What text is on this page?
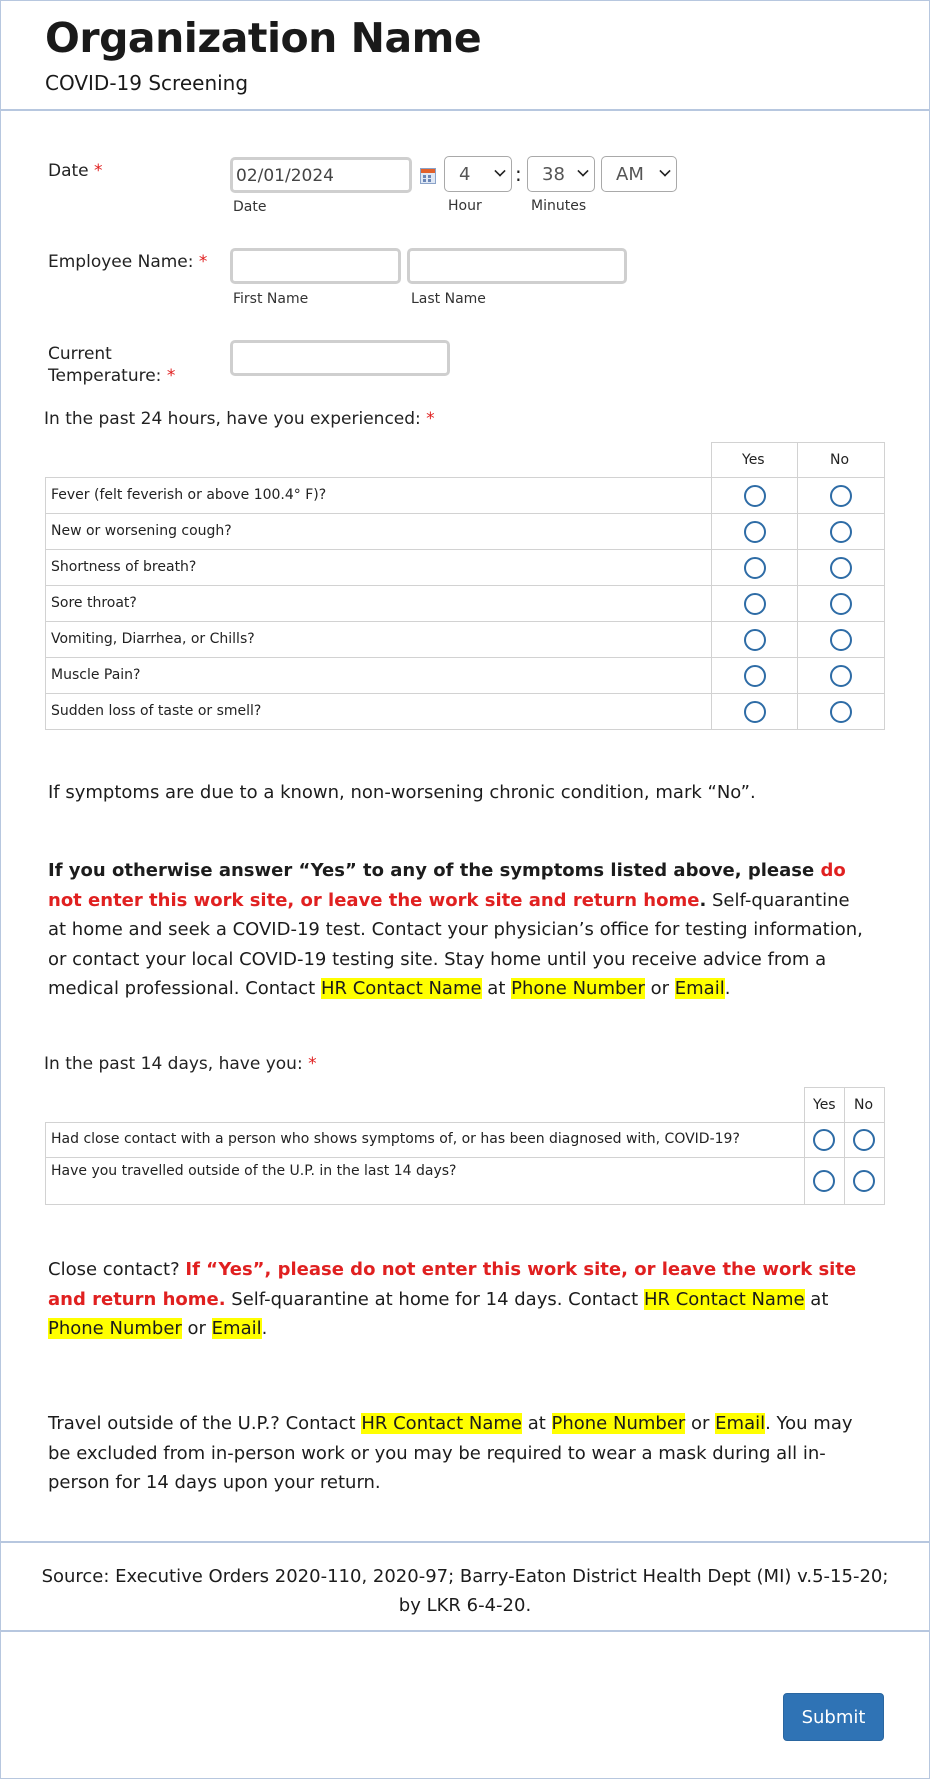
Organization Name
COVID-19 Screening
Date *	02/01/2024
Date
4 :
Hour
38
Minutes
AM
Employee Name: *
First Name	Last Name
Current
Temperature: *
In the past 24 hours, have you experienced: *
Yes	No
Fever (felt feverish or above 100.4° F)?
New or worsening cough?
Shortness of breath?
Sore throat?
Vomiting, Diarrhea, or Chills?
Muscle Pain?
Sudden loss of taste or smell?
If symptoms are due to a known, non-worsening chronic condition, mark “No”.
If you otherwise answer “Yes” to any of the symptoms listed above, please do not enter this work site, or leave the work site and return home. Self-quarantine at home and seek a COVID-19 test. Contact your physician’s office for testing information, or contact your local COVID-19 testing site. Stay home until you receive advice from a medical professional. Contact HR Contact Name at Phone Number or Email.
In the past 14 days, have you: *
Yes No
Had close contact with a person who shows symptoms of, or has been diagnosed with, COVID-19?
Have you travelled outside of the U.P. in the last 14 days?
Close contact? If “Yes”, please do not enter this work site, or leave the work site and return home. Self-quarantine at home for 14 days. Contact HR Contact Name at Phone Number or Email.
Travel outside of the U.P.? Contact HR Contact Name at Phone Number or Email. You may be excluded from in-person work or you may be required to wear a mask during all in-person for 14 days upon your return.
Source: Executive Orders 2020-110, 2020-97; Barry-Eaton District Health Dept (MI) v.5-15-20; by LKR 6-4-20.
Submit
